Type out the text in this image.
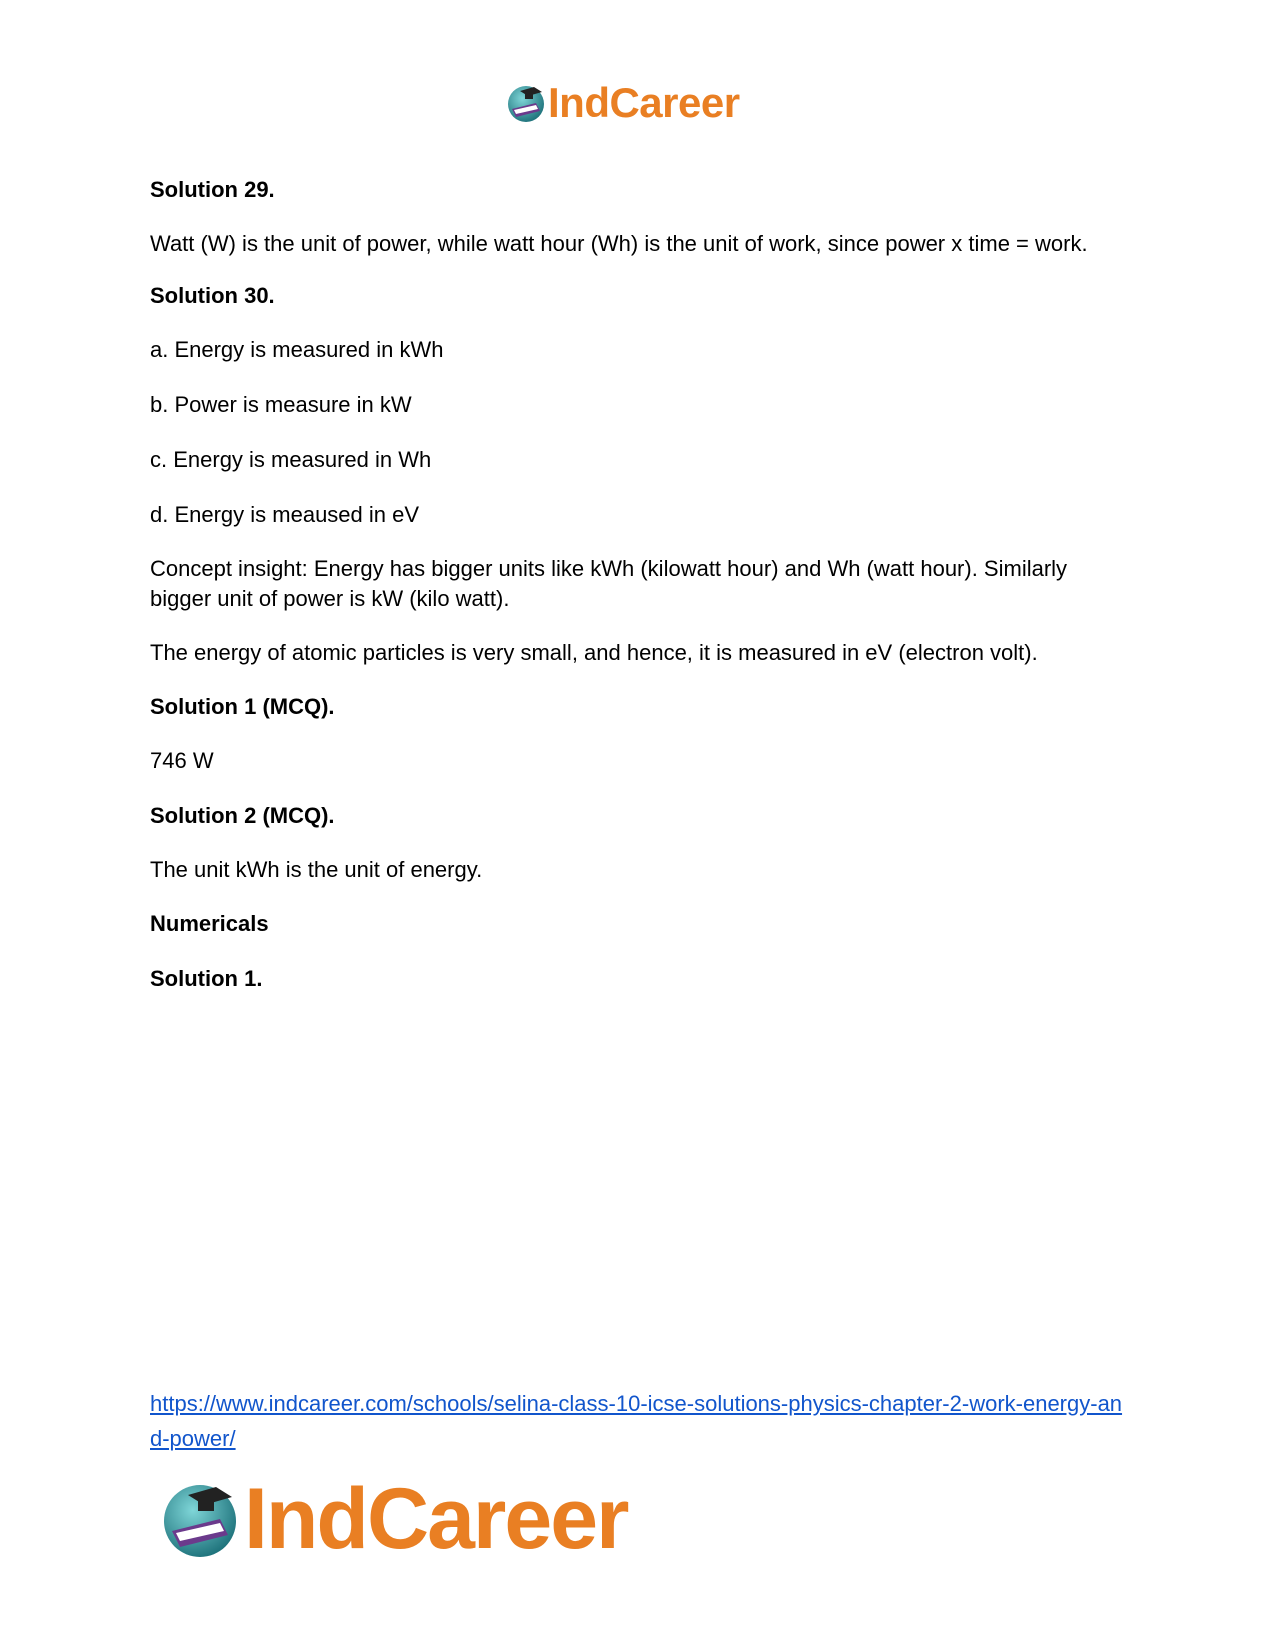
IndCareer

Solution 29.

Watt (W) is the unit of power, while watt hour (Wh) is the unit of work, since power x time = work.

Solution 30.

a. Energy is measured in kWh

b. Power is measure in kW

c. Energy is measured in Wh

d. Energy is meaused in eV

Concept insight: Energy has bigger units like kWh (kilowatt hour) and Wh (watt hour). Similarly bigger unit of power is kW (kilo watt).

The energy of atomic particles is very small, and hence, it is measured in eV (electron volt).

Solution 1 (MCQ).

746 W

Solution 2 (MCQ).

The unit kWh is the unit of energy.

Numericals

Solution 1.

https://www.indcareer.com/schools/selina-class-10-icse-solutions-physics-chapter-2-work-energy-and-power/
IndCareer
